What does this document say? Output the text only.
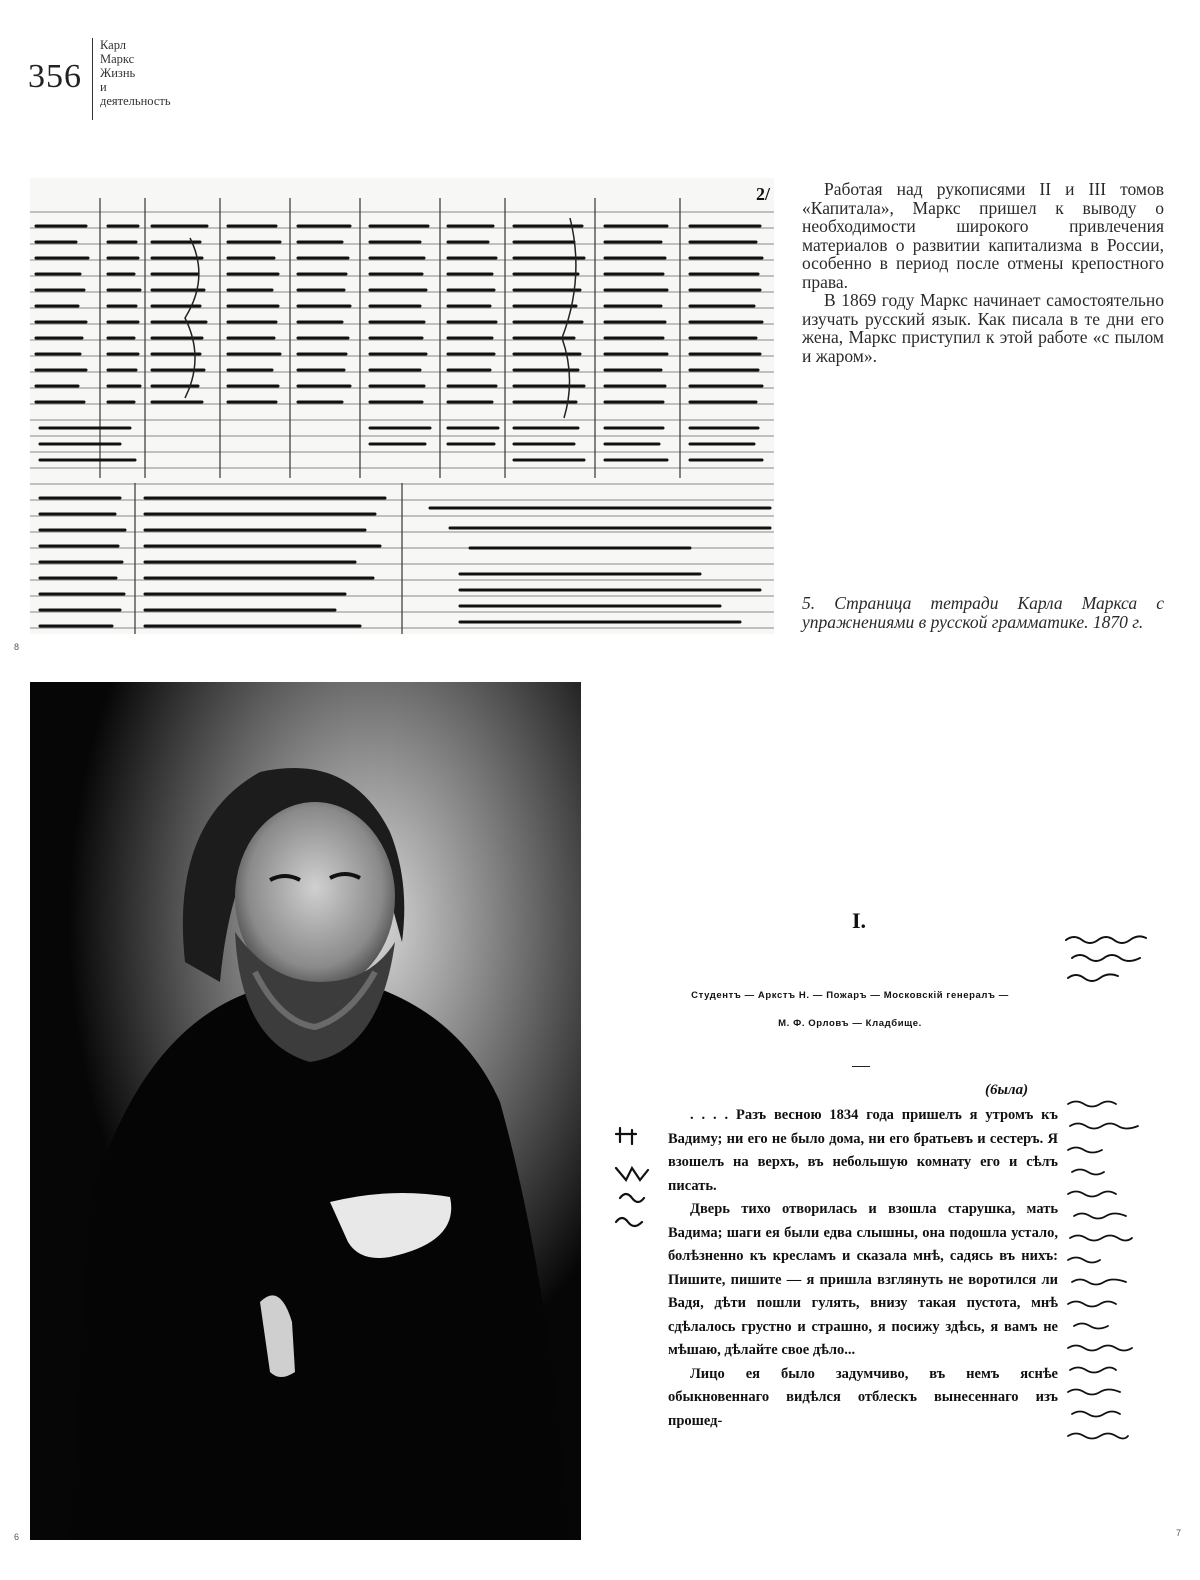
356
Карл
Маркс
Жизнь
и
деятельность
2/
8

Работая над рукописями II и III томов «Капитала», Маркс пришел к выводу о необходимости широкого привлечения материалов о развитии капитализма в России, особенно в период после отмены крепостного права.

В 1869 году Маркс начинает самостоятельно изучать русский язык. Как писала в те дни его жена, Маркс приступил к этой работе «с пылом и жаром».

5. Страница тетради Карла Маркса с упражнениями в русской грамматике. 1870 г.
6
I.
Студентъ — Аркстъ Н. — Пожаръ — Московскій генералъ —
М. Ф. Орловъ — Кладбище.
(6ыла)

. . . . Разъ весною 1834 года пришелъ я утромъ къ Вадиму; ни его не было дома, ни его братьевъ и сестеръ. Я взошелъ на верхъ, въ небольшую комнату его и сѣлъ писать.

Дверь тихо отворилась и взошла старушка, мать Вадима; шаги ея были едва слышны, она подошла устало, болѣзненно къ кресламъ и сказала мнѣ, садясь въ нихъ: Пишите, пишите — я пришла взглянуть не воротился ли Вадя, дѣти пошли гулять, внизу такая пустота, мнѣ сдѣлалось грустно и страшно, я посижу здѣсь, я вамъ не мѣшаю, дѣлайте свое дѣло...

Лицо ея было задумчиво, въ немъ яснѣе обыкновеннаго видѣлся отблескъ вынесеннаго изъ прошед-

7
